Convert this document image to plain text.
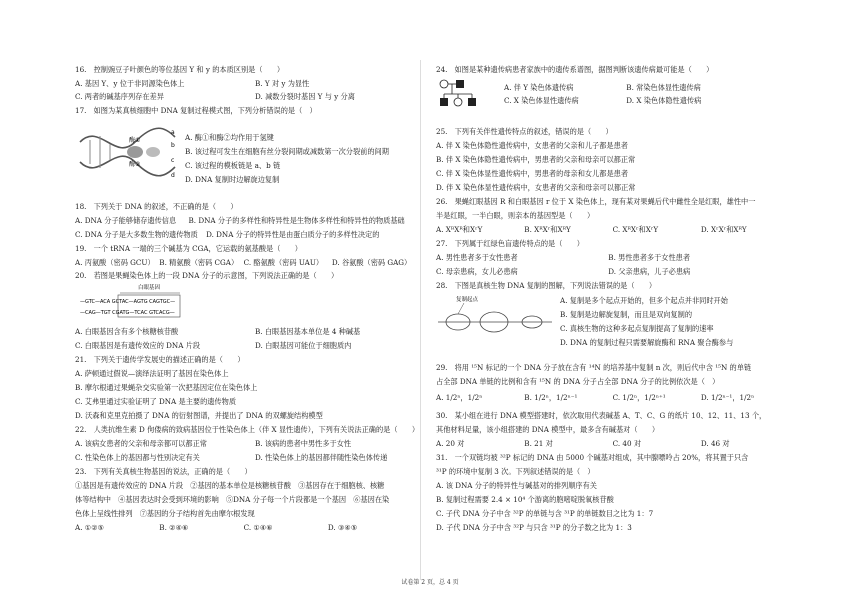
16.　控制豌豆子叶颜色的等位基因 Y 和 y 的本质区别是（　　）
A. 基因 Y、y 位于非同源染色体上	B. Y 对 y 为显性
C. 两者的碱基序列存在差异	D. 减数分裂时基因 Y 与 y 分离
17.　如图为某真核细胞中 DNA 复制过程模式图，下列分析错误的是（　）
酶①
酶②
a
b
c
d
A. 酶①和酶②均作用于氢键
B. 该过程可发生在细胞有丝分裂间期或减数第一次分裂前的间期
C. 该过程的模板链是 a、b 链
D. DNA 复制时边解旋边复制
18.　下列关于 DNA 的叙述，不正确的是（　　）
A. DNA 分子能够储存遗传信息 B. DNA 分子的多样性和特异性是生物体多样性和特异性的物质基础
C. DNA 分子是大多数生物的遗传物质 D. DNA 分子的特异性是由蛋白质分子的多样性决定的
19.　一个 tRNA 一端的三个碱基为 CGA，它运载的氨基酸是（　　）
A. 丙氨酸（密码 GCU） B. 精氨酸（密码 CGA） C. 酪氨酸（密码 UAU） D. 谷氨酸（密码 GAG）
20.　若图是果蝇染色体上的一段 DNA 分子的示意图，下列说法正确的是（　　）
白眼基因
—GTC—ACA GCTAC—AGTG CAGTGC—
—CAG—TGT CGATG—TCAC GTCACG—
A. 白眼基因含有多个核糖核苷酸	B. 白眼基因基本单位是 4 种碱基
C. 白眼基因是有遗传效应的 DNA 片段	D. 白眼基因可能位于细胞质内
21.　下列关于遗传学发展史的描述正确的是（　　）
A. 萨顿通过假说—演绎法证明了基因在染色体上
B. 摩尔根通过果蝇杂交实验第一次把基因定位在染色体上
C. 艾弗里通过实验证明了 DNA 是主要的遗传物质
D. 沃森和克里克拍摄了 DNA 的衍射图谱，并提出了 DNA 的双螺旋结构模型
22.　人类抗维生素 D 佝偻病的致病基因位于性染色体上（伴 X 显性遗传），下列有关说法正确的是（　　）
A. 该病女患者的父亲和母亲都可以都正常	B. 该病的患者中男性多于女性
C. 性染色体上的基因都与性别决定有关	D. 性染色体上的基因都伴随性染色体传递
23.　下列有关真核生物基因的说法，正确的是（　　）
①基因是有遗传效应的 DNA 片段　②基因的基本单位是核糖核苷酸　③基因存在于细胞核、核糖
体等结构中　④基因表达时会受到环境的影响　⑤DNA 分子每一个片段都是一个基因　⑥基因在染
色体上呈线性排列　⑦基因的分子结构首先由摩尔根发现
A. ①②⑤	B. ②④⑥	C. ①④⑥	D. ③④⑤
24.　如图是某种遗传病患者家族中的遗传系谱图，据图判断该遗传病最可能是（　　）
A. 伴 Y 染色体遗传病	B. 常染色体显性遗传病
C. X 染色体显性遗传病	D. X 染色体隐性遗传病
25.　下列有关伴性遗传特点的叙述，错误的是（　　）
A. 伴 X 染色体隐性遗传病中，女患者的父亲和儿子都是患者
B. 伴 X 染色体隐性遗传病中，男患者的父亲和母亲可以都正常
C. 伴 X 染色体显性遗传病中，男患者的母亲和女儿都是患者
D. 伴 X 染色体显性遗传病中，女患者的父亲和母亲可以都正常
26.　果蝇红眼基因 R 和白眼基因 r 位于 X 染色体上，现有某对果蝇后代中雌性全是红眼，雄性中一
半是红眼，一半白眼，则亲本的基因型是（　　）
A. XᴿXᴿ和XʳY	B. XᴿXʳ和XᴿY	C. XᴿXʳ和XʳY	D. XʳXʳ和XᴿY
27.　下列属于红绿色盲遗传特点的是（　　）
A. 男性患者多于女性患者	B. 男性患者多于女性患者
C. 母亲患病，女儿必患病	D. 父亲患病，儿子必患病
28.　下图是真核生物 DNA 复制的图解，下列说法错误的是（　　）
复制起点	A. 复制是多个起点开始的，但多个起点并非同时开始
B. 复制是边解旋复制，而且是双向复制的
C. 真核生物的这种多起点复制提高了复制的速率
D. DNA 的复制过程只需要解旋酶和 RNA 聚合酶参与
29.　将用 ¹⁵N 标记的一个 DNA 分子放在含有 ¹⁴N 的培养基中复制 n 次，则后代中含 ¹⁵N 的单链
占全部 DNA 单链的比例和含有 ¹⁵N 的 DNA 分子占全部 DNA 分子的比例依次是（　）
A. 1/2ⁿ，1/2ⁿ	B. 1/2ⁿ，1/2ⁿ⁻¹	C. 1/2ⁿ，1/2ⁿ⁺¹	D. 1/2ⁿ⁻¹，1/2ⁿ
30.　某小组在进行 DNA 模型搭建时，依次取用代表碱基 A、T、C、G 的纸片 10、12、11、13 个，
其他材料足量，该小组搭建的 DNA 模型中，最多含有碱基对（　　）
A. 20 对	B. 21 对	C. 40 对	D. 46 对
31.　一个双链均被 ³²P 标记的 DNA 由 5000 个碱基对组成，其中腺嘌呤占 20%，将其置于只含
³¹P 的环境中复制 3 次。下列叙述错误的是（　）
A. 该 DNA 分子的特异性与碱基对的排列顺序有关
B. 复制过程需要 2.4 × 10⁴ 个游离的胞嘧啶脱氧核苷酸
C. 子代 DNA 分子中含 ³²P 的单链与含 ³¹P 的单链数目之比为 1：7
D. 子代 DNA 分子中含 ³²P 与只含 ³¹P 的分子数之比为 1：3
试卷第 2 页，总 4 页
